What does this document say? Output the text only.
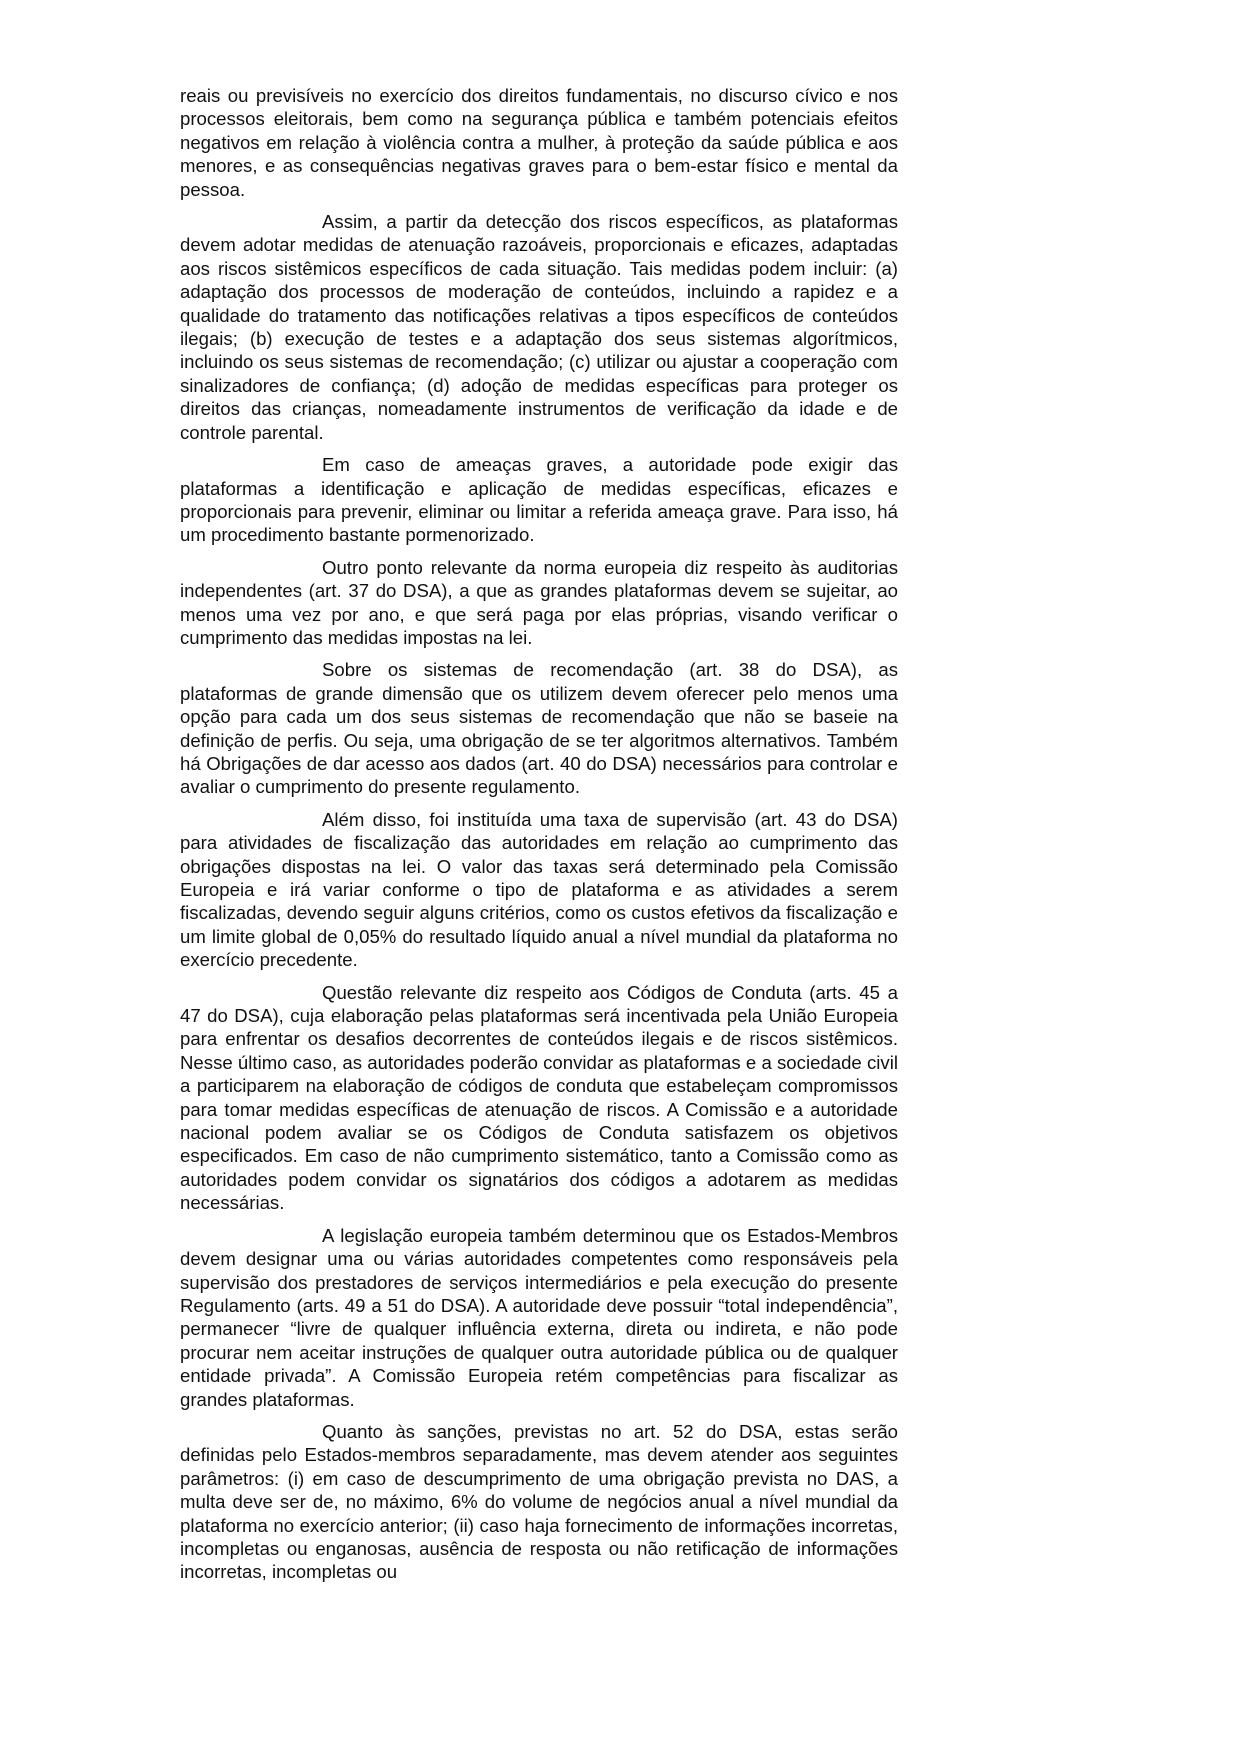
reais ou previsíveis no exercício dos direitos fundamentais, no discurso cívico e nos processos eleitorais, bem como na segurança pública e também potenciais efeitos negativos em relação à violência contra a mulher, à proteção da saúde pública e aos menores, e as consequências negativas graves para o bem-estar físico e mental da pessoa.

Assim, a partir da detecção dos riscos específicos, as plataformas devem adotar medidas de atenuação razoáveis, proporcionais e eficazes, adaptadas aos riscos sistêmicos específicos de cada situação. Tais medidas podem incluir: (a) adaptação dos processos de moderação de conteúdos, incluindo a rapidez e a qualidade do tratamento das notificações relativas a tipos específicos de conteúdos ilegais; (b) execução de testes e a adaptação dos seus sistemas algorítmicos, incluindo os seus sistemas de recomendação; (c) utilizar ou ajustar a cooperação com sinalizadores de confiança; (d) adoção de medidas específicas para proteger os direitos das crianças, nomeadamente instrumentos de verificação da idade e de controle parental.

Em caso de ameaças graves, a autoridade pode exigir das plataformas a identificação e aplicação de medidas específicas, eficazes e proporcionais para prevenir, eliminar ou limitar a referida ameaça grave. Para isso, há um procedimento bastante pormenorizado.

Outro ponto relevante da norma europeia diz respeito às auditorias independentes (art. 37 do DSA), a que as grandes plataformas devem se sujeitar, ao menos uma vez por ano, e que será paga por elas próprias, visando verificar o cumprimento das medidas impostas na lei.

Sobre os sistemas de recomendação (art. 38 do DSA), as plataformas de grande dimensão que os utilizem devem oferecer pelo menos uma opção para cada um dos seus sistemas de recomendação que não se baseie na definição de perfis. Ou seja, uma obrigação de se ter algoritmos alternativos. Também há Obrigações de dar acesso aos dados (art. 40 do DSA) necessários para controlar e avaliar o cumprimento do presente regulamento.

Além disso, foi instituída uma taxa de supervisão (art. 43 do DSA) para atividades de fiscalização das autoridades em relação ao cumprimento das obrigações dispostas na lei. O valor das taxas será determinado pela Comissão Europeia e irá variar conforme o tipo de plataforma e as atividades a serem fiscalizadas, devendo seguir alguns critérios, como os custos efetivos da fiscalização e um limite global de 0,05% do resultado líquido anual a nível mundial da plataforma no exercício precedente.

Questão relevante diz respeito aos Códigos de Conduta (arts. 45 a 47 do DSA), cuja elaboração pelas plataformas será incentivada pela União Europeia para enfrentar os desafios decorrentes de conteúdos ilegais e de riscos sistêmicos. Nesse último caso, as autoridades poderão convidar as plataformas e a sociedade civil a participarem na elaboração de códigos de conduta que estabeleçam compromissos para tomar medidas específicas de atenuação de riscos. A Comissão e a autoridade nacional podem avaliar se os Códigos de Conduta satisfazem os objetivos especificados. Em caso de não cumprimento sistemático, tanto a Comissão como as autoridades podem convidar os signatários dos códigos a adotarem as medidas necessárias.

A legislação europeia também determinou que os Estados-Membros devem designar uma ou várias autoridades competentes como responsáveis pela supervisão dos prestadores de serviços intermediários e pela execução do presente Regulamento (arts. 49 a 51 do DSA). A autoridade deve possuir “total independência”, permanecer “livre de qualquer influência externa, direta ou indireta, e não pode procurar nem aceitar instruções de qualquer outra autoridade pública ou de qualquer entidade privada”. A Comissão Europeia retém competências para fiscalizar as grandes plataformas.

Quanto às sanções, previstas no art. 52 do DSA, estas serão definidas pelo Estados-membros separadamente, mas devem atender aos seguintes parâmetros: (i) em caso de descumprimento de uma obrigação prevista no DAS, a multa deve ser de, no máximo, 6% do volume de negócios anual a nível mundial da plataforma no exercício anterior; (ii) caso haja fornecimento de informações incorretas, incompletas ou enganosas, ausência de resposta ou não retificação de informações incorretas, incompletas ou
